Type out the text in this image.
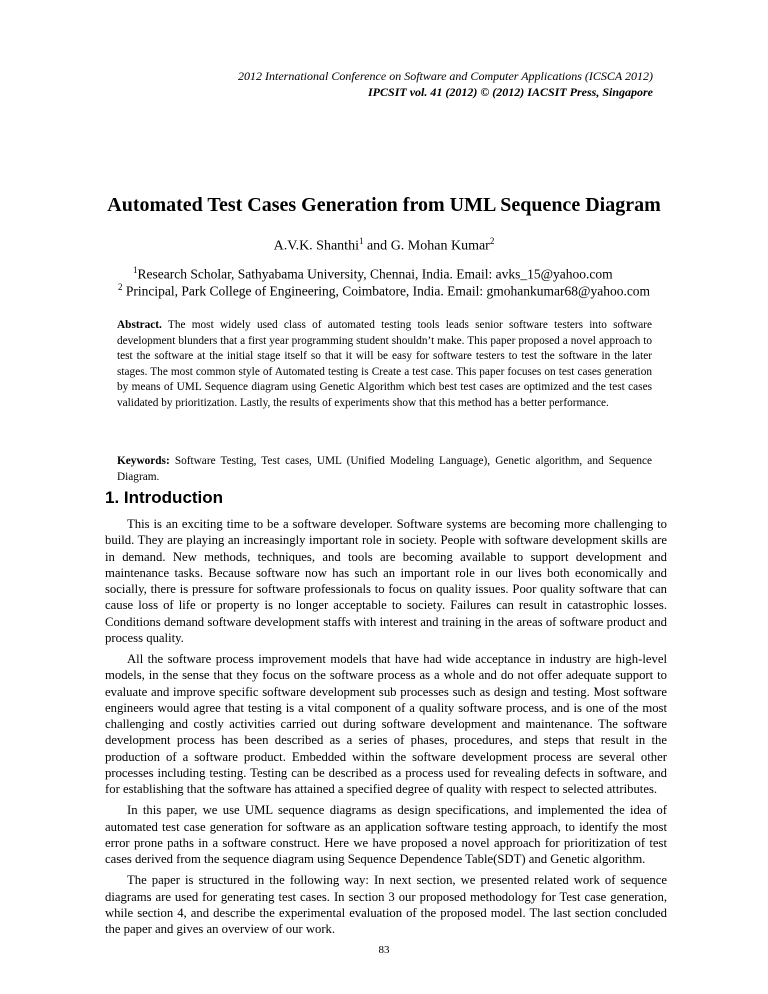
2012 International Conference on Software and Computer Applications (ICSCA 2012)
IPCSIT vol. 41 (2012) © (2012) IACSIT Press, Singapore
Automated Test Cases Generation from UML Sequence Diagram
A.V.K. Shanthi$^1$ and G. Mohan Kumar$^2$
$^1$Research Scholar, Sathyabama University, Chennai, India. Email: avks_15@yahoo.com
$^2$ Principal, Park College of Engineering, Coimbatore, India. Email: gmohankumar68@yahoo.com
Abstract. The most widely used class of automated testing tools leads senior software testers into software development blunders that a first year programming student shouldn’t make. This paper proposed a novel approach to test the software at the initial stage itself so that it will be easy for software testers to test the software in the later stages. The most common style of Automated testing is Create a test case. This paper focuses on test cases generation by means of UML Sequence diagram using Genetic Algorithm which best test cases are optimized and the test cases validated by prioritization. Lastly, the results of experiments show that this method has a better performance.
Keywords: Software Testing, Test cases, UML (Unified Modeling Language), Genetic algorithm, and Sequence Diagram.
1. Introduction

This is an exciting time to be a software developer. Software systems are becoming more challenging to build. They are playing an increasingly important role in society. People with software development skills are in demand. New methods, techniques, and tools are becoming available to support development and maintenance tasks. Because software now has such an important role in our lives both economically and socially, there is pressure for software professionals to focus on quality issues. Poor quality software that can cause loss of life or property is no longer acceptable to society. Failures can result in catastrophic losses. Conditions demand software development staffs with interest and training in the areas of software product and process quality.

All the software process improvement models that have had wide acceptance in industry are high-level models, in the sense that they focus on the software process as a whole and do not offer adequate support to evaluate and improve specific software development sub processes such as design and testing. Most software engineers would agree that testing is a vital component of a quality software process, and is one of the most challenging and costly activities carried out during software development and maintenance. The software development process has been described as a series of phases, procedures, and steps that result in the production of a software product. Embedded within the software development process are several other processes including testing. Testing can be described as a process used for revealing defects in software, and for establishing that the software has attained a specified degree of quality with respect to selected attributes.

In this paper, we use UML sequence diagrams as design specifications, and implemented the idea of automated test case generation for software as an application software testing approach, to identify the most error prone paths in a software construct. Here we have proposed a novel approach for prioritization of test cases derived from the sequence diagram using Sequence Dependence Table(SDT) and Genetic algorithm.

The paper is structured in the following way: In next section, we presented related work of sequence diagrams are used for generating test cases. In section 3 our proposed methodology for Test case generation, while section 4, and describe the experimental evaluation of the proposed model. The last section concluded the paper and gives an overview of our work.

83
